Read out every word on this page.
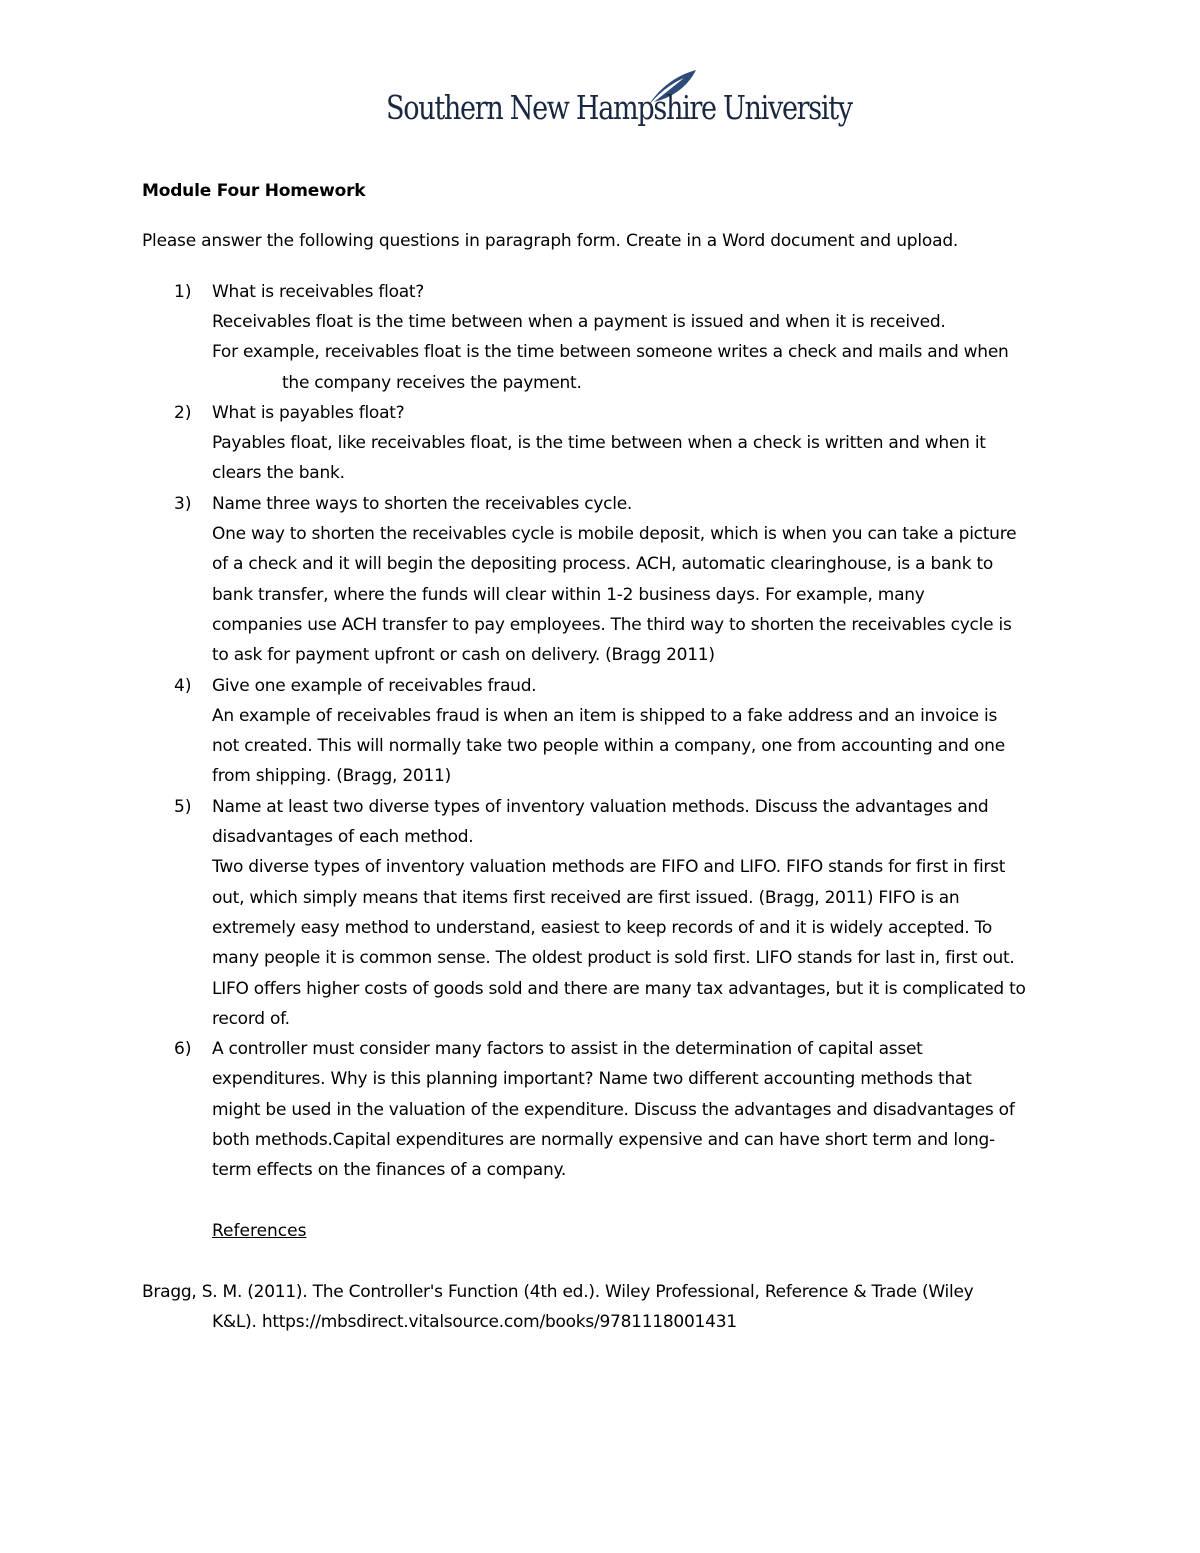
Southern New Hampshire University
Module Four Homework
Please answer the following questions in paragraph form. Create in a Word document and upload.
1) What is receivables float?
Receivables float is the time between when a payment is issued and when it is received.
For example, receivables float is the time between someone writes a check and mails and when
the company receives the payment.
2) What is payables float?
Payables float, like receivables float, is the time between when a check is written and when it
clears the bank.
3) Name three ways to shorten the receivables cycle.
One way to shorten the receivables cycle is mobile deposit, which is when you can take a picture
of a check and it will begin the depositing process. ACH, automatic clearinghouse, is a bank to
bank transfer, where the funds will clear within 1-2 business days. For example, many
companies use ACH transfer to pay employees. The third way to shorten the receivables cycle is
to ask for payment upfront or cash on delivery. (Bragg 2011)
4) Give one example of receivables fraud.
An example of receivables fraud is when an item is shipped to a fake address and an invoice is
not created. This will normally take two people within a company, one from accounting and one
from shipping. (Bragg, 2011)
5) Name at least two diverse types of inventory valuation methods. Discuss the advantages and
disadvantages of each method.
Two diverse types of inventory valuation methods are FIFO and LIFO. FIFO stands for first in first
out, which simply means that items first received are first issued. (Bragg, 2011) FIFO is an
extremely easy method to understand, easiest to keep records of and it is widely accepted. To
many people it is common sense. The oldest product is sold first. LIFO stands for last in, first out.
LIFO offers higher costs of goods sold and there are many tax advantages, but it is complicated to
record of.
6) A controller must consider many factors to assist in the determination of capital asset
expenditures. Why is this planning important? Name two different accounting methods that
might be used in the valuation of the expenditure. Discuss the advantages and disadvantages of
both methods.Capital expenditures are normally expensive and can have short term and long-
term effects on the finances of a company.
References
Bragg, S. M. (2011). The Controller's Function (4th ed.). Wiley Professional, Reference & Trade (Wiley
K&L). https://mbsdirect.vitalsource.com/books/9781118001431
